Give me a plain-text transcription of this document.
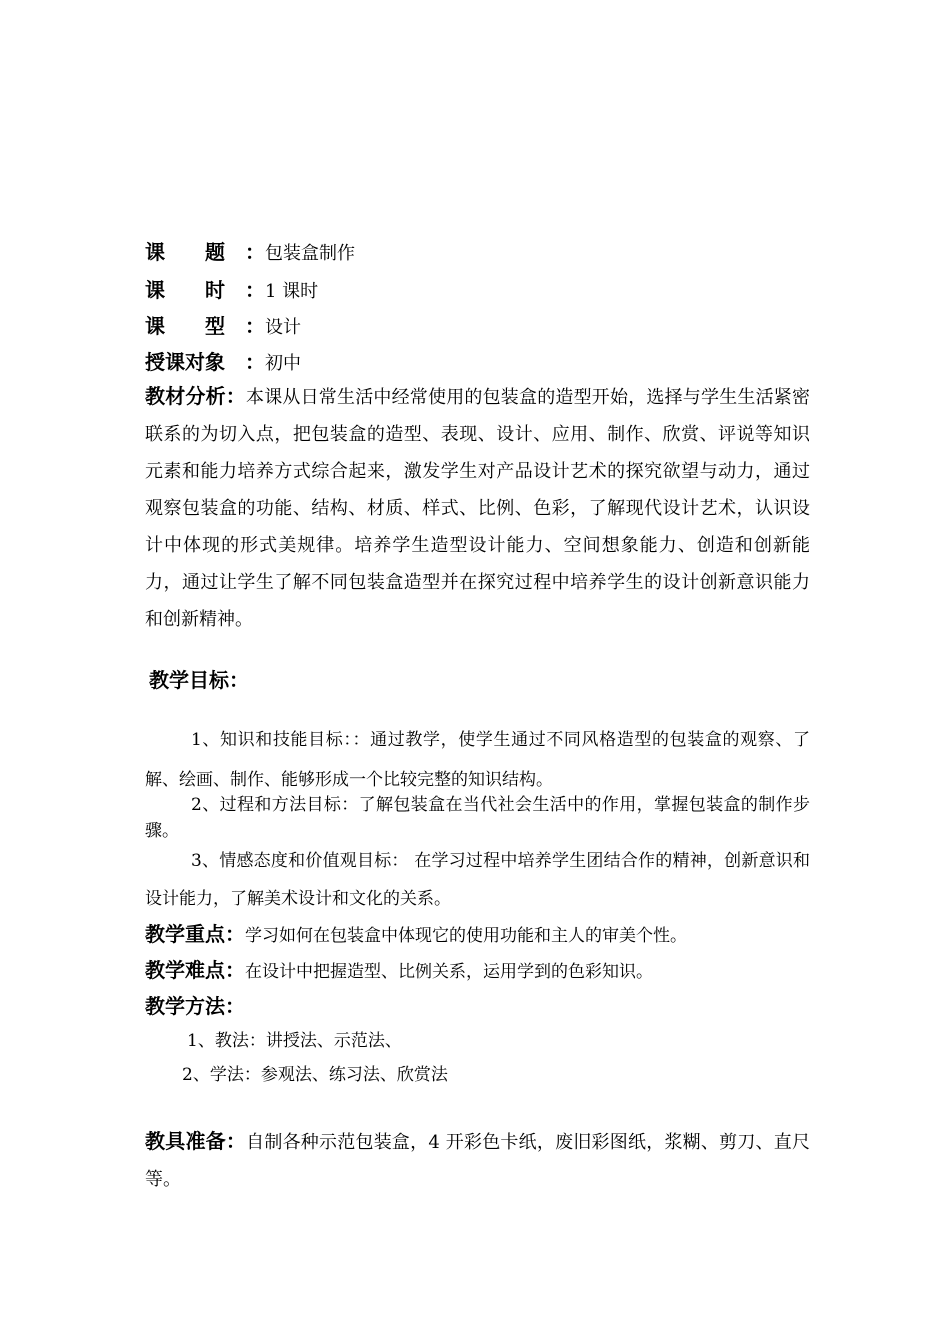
课　　题 ：包装盒制作
课　　时 ：1 课时
课　　型 ：设计
授课对象 ：初中
教材分析：本课从日常生活中经常使用的包装盒的造型开始，选择与学生生活紧密联系的为切入点，把包装盒的造型、表现、设计、应用、制作、欣赏、评说等知识元素和能力培养方式综合起来，激发学生对产品设计艺术的探究欲望与动力，通过观察包装盒的功能、结构、材质、样式、比例、色彩，了解现代设计艺术，认识设计中体现的形式美规律。培养学生造型设计能力、空间想象能力、创造和创新能力，通过让学生了解不同包装盒造型并在探究过程中培养学生的设计创新意识能力和创新精神。
教学目标：
1、知识和技能目标：：通过教学，使学生通过不同风格造型的包装盒的观察、了解、绘画、制作、能够形成一个比较完整的知识结构。
2、过程和方法目标：了解包装盒在当代社会生活中的作用，掌握包装盒的制作步骤。
3、情感态度和价值观目标： 在学习过程中培养学生团结合作的精神，创新意识和设计能力，了解美术设计和文化的关系。
教学重点：学习如何在包装盒中体现它的使用功能和主人的审美个性。
教学难点：在设计中把握造型、比例关系，运用学到的色彩知识。
教学方法：
1、教法：讲授法、示范法、
2、学法：参观法、练习法、欣赏法
教具准备：自制各种示范包装盒，4 开彩色卡纸，废旧彩图纸，浆糊、剪刀、直尺等。
